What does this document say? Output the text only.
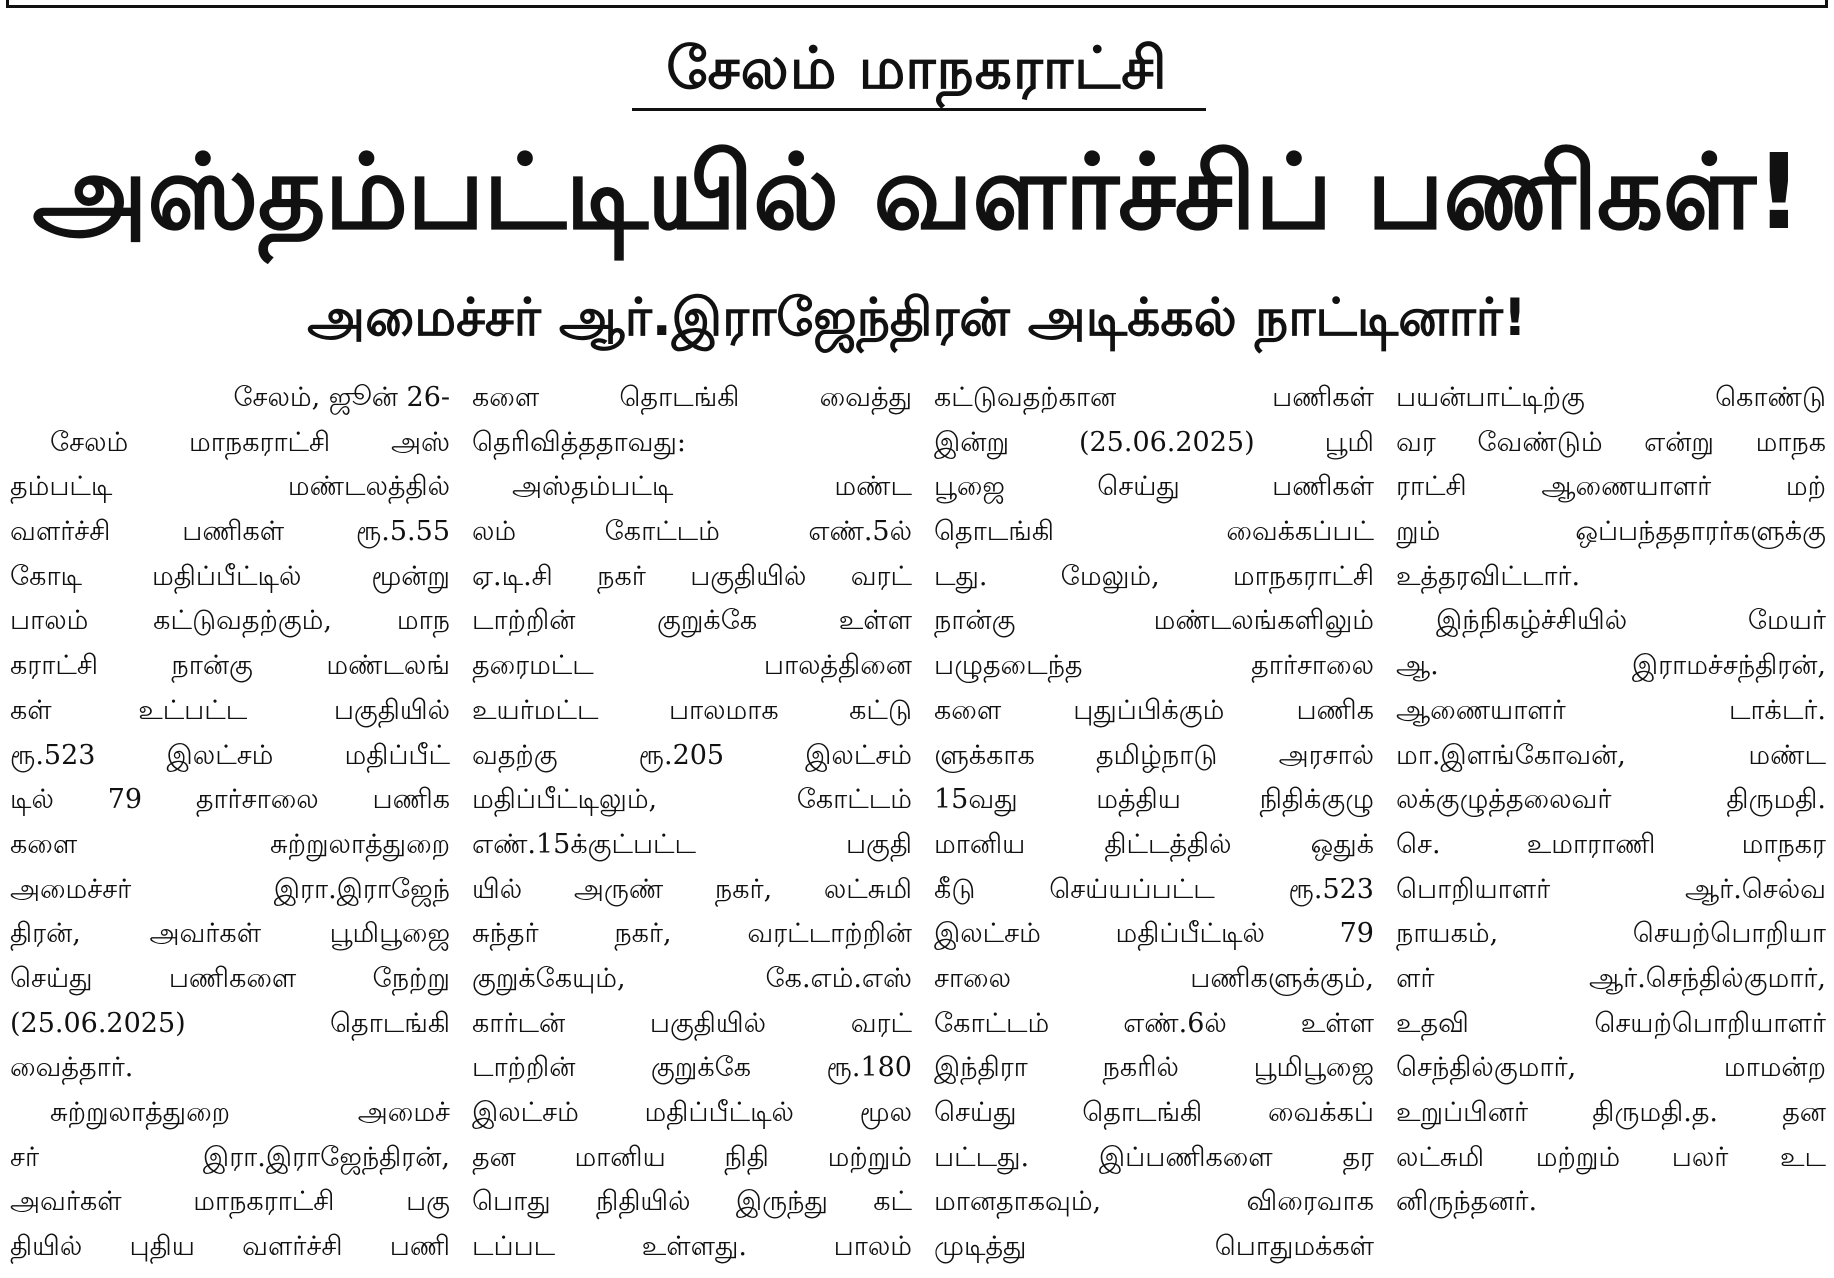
சேலம் மாநகராட்சி
அஸ்தம்பட்டியில் வளர்ச்சிப் பணிகள்!
அமைச்சர் ஆர்.இராஜேந்திரன் அடிக்கல் நாட்டினார்!
சேலம், ஜூன் 26-
சேலம் மாநகராட்சி அஸ்
தம்பட்டி மண்டலத்தில்
வளர்ச்சி பணிகள் ரூ.5.55
கோடி மதிப்பீட்டில் மூன்று
பாலம் கட்டுவதற்கும், மாந
கராட்சி நான்கு மண்டலங்
கள் உட்பட்ட பகுதியில்
ரூ.523 இலட்சம் மதிப்பீட்
டில் 79 தார்சாலை பணிக
களை சுற்றுலாத்துறை
அமைச்சர் இரா.இராஜேந்
திரன், அவர்கள் பூமிபூஜை
செய்து பணிகளை நேற்று
(25.06.2025) தொடங்கி
வைத்தார்.
சுற்றுலாத்துறை அமைச்
சர் இரா.இராஜேந்திரன்,
அவர்கள் மாநகராட்சி பகு
தியில் புதிய வளர்ச்சி பணி
களை தொடங்கி வைத்து
தெரிவித்ததாவது:
அஸ்தம்பட்டி மண்ட
லம் கோட்டம் எண்.5ல்
ஏ.டி.சி நகர் பகுதியில் வரட்
டாற்றின் குறுக்கே உள்ள
தரைமட்ட பாலத்தினை
உயர்மட்ட பாலமாக கட்டு
வதற்கு ரூ.205 இலட்சம்
மதிப்பீட்டிலும், கோட்டம்
எண்.15க்குட்பட்ட பகுதி
யில் அருண் நகர், லட்சுமி
சுந்தர் நகர், வரட்டாற்றின்
குறுக்கேயும், கே.எம்.எஸ்
கார்டன் பகுதியில் வரட்
டாற்றின் குறுக்கே ரூ.180
இலட்சம் மதிப்பீட்டில் மூல
தன மானிய நிதி மற்றும்
பொது நிதியில் இருந்து கட்
டப்பட உள்ளது. பாலம்
கட்டுவதற்கான பணிகள்
இன்று (25.06.2025) பூமி
பூஜை செய்து பணிகள்
தொடங்கி வைக்கப்பட்
டது. மேலும், மாநகராட்சி
நான்கு மண்டலங்களிலும்
பழுதடைந்த தார்சாலை
களை புதுப்பிக்கும் பணிக
ளுக்காக தமிழ்நாடு அரசால்
15வது மத்திய நிதிக்குழு
மானிய திட்டத்தில் ஒதுக்
கீடு செய்யப்பட்ட ரூ.523
இலட்சம் மதிப்பீட்டில் 79
சாலை பணிகளுக்கும்,
கோட்டம் எண்.6ல் உள்ள
இந்திரா நகரில் பூமிபூஜை
செய்து தொடங்கி வைக்கப்
பட்டது. இப்பணிகளை தர
மானதாகவும், விரைவாக
முடித்து பொதுமக்கள்
பயன்பாட்டிற்கு கொண்டு
வர வேண்டும் என்று மாநக
ராட்சி ஆணையாளர் மற்
றும் ஒப்பந்ததாரர்களுக்கு
உத்தரவிட்டார்.
இந்நிகழ்ச்சியில் மேயர்
ஆ. இராமச்சந்திரன்,
ஆணையாளர் டாக்டர்.
மா.இளங்கோவன், மண்ட
லக்குழுத்தலைவர் திருமதி.
செ. உமாராணி மாநகர
பொறியாளர் ஆர்.செல்வ
நாயகம், செயற்பொறியா
ளர் ஆர்.செந்தில்குமார்,
உதவி செயற்பொறியாளர்
செந்தில்குமார், மாமன்ற
உறுப்பினர் திருமதி.த. தன
லட்சுமி மற்றும் பலர் உட
னிருந்தனர்.
